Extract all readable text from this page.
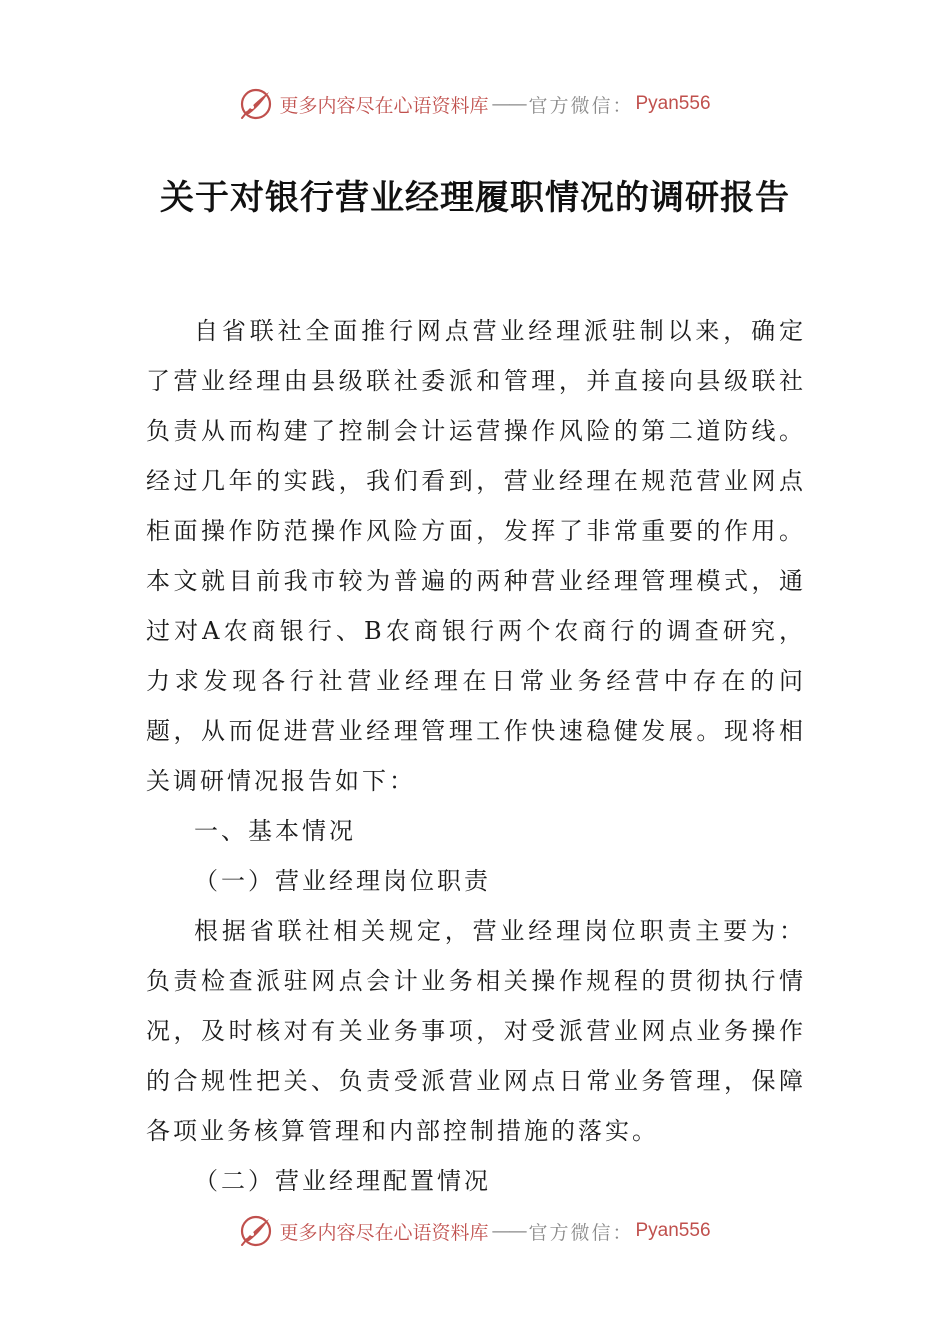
更多内容尽在心语资料库 —— 官方微信： Pyan556
关于对银行营业经理履职情况的调研报告

自省联社全面推行网点营业经理派驻制以来，确定了营业经理由县级联社委派和管理，并直接向县级联社负责从而构建了控制会计运营操作风险的第二道防线。经过几年的实践，我们看到，营业经理在规范营业网点柜面操作防范操作风险方面，发挥了非常重要的作用。本文就目前我市较为普遍的两种营业经理管理模式，通过对A农商银行、B农商银行两个农商行的调查研究，力求发现各行社营业经理在日常业务经营中存在的问题，从而促进营业经理管理工作快速稳健发展。现将相关调研情况报告如下：

一、基本情况

（一）营业经理岗位职责

根据省联社相关规定，营业经理岗位职责主要为：负责检查派驻网点会计业务相关操作规程的贯彻执行情况，及时核对有关业务事项，对受派营业网点业务操作的合规性把关、负责受派营业网点日常业务管理，保障各项业务核算管理和内部控制措施的落实。

（二）营业经理配置情况

更多内容尽在心语资料库 —— 官方微信： Pyan556
